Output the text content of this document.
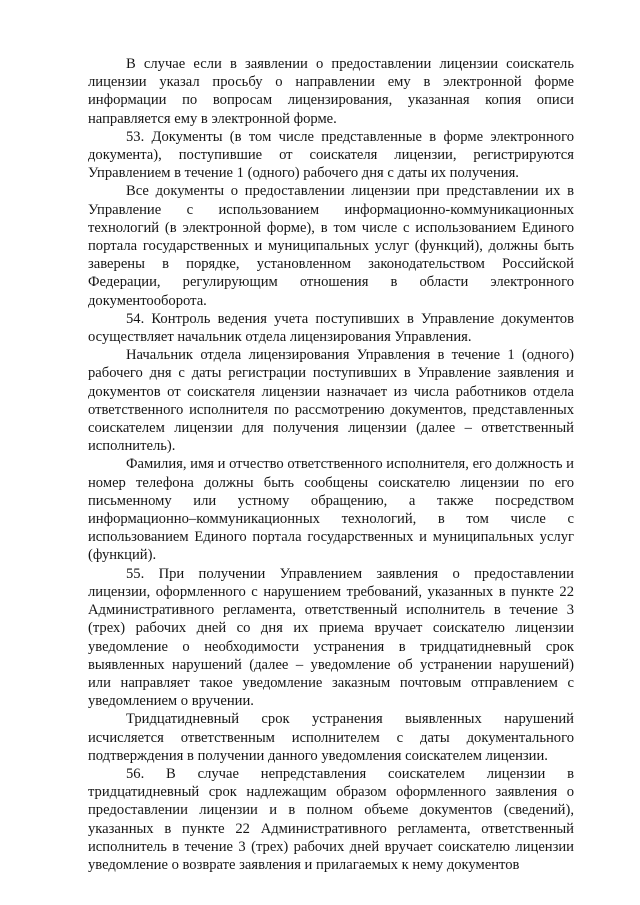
В случае если в заявлении о предоставлении лицензии соискатель лицензии указал просьбу о направлении ему в электронной форме информации по вопросам лицензирования, указанная копия описи направляется ему в электронной форме.

53. Документы (в том числе представленные в форме электронного документа), поступившие от соискателя лицензии, регистрируются Управлением в течение 1 (одного) рабочего дня с даты их получения.

Все документы о предоставлении лицензии при представлении их в Управление с использованием информационно-коммуникационных технологий (в электронной форме), в том числе с использованием Единого портала государственных и муниципальных услуг (функций), должны быть заверены в порядке, установленном законодательством Российской Федерации, регулирующим отношения в области электронного документооборота.

54. Контроль ведения учета поступивших в Управление документов осуществляет начальник отдела лицензирования Управления.

Начальник отдела лицензирования Управления в течение 1 (одного) рабочего дня с даты регистрации поступивших в Управление заявления и документов от соискателя лицензии назначает из числа работников отдела ответственного исполнителя по рассмотрению документов, представленных соискателем лицензии для получения лицензии (далее – ответственный исполнитель).

Фамилия, имя и отчество ответственного исполнителя, его должность и номер телефона должны быть сообщены соискателю лицензии по его письменному или устному обращению, а также посредством информационно–коммуникационных технологий, в том числе с использованием Единого портала государственных и муниципальных услуг (функций).

55. При получении Управлением заявления о предоставлении лицензии, оформленного с нарушением требований, указанных в пункте 22 Административного регламента, ответственный исполнитель в течение 3 (трех) рабочих дней со дня их приема вручает соискателю лицензии уведомление о необходимости устранения в тридцатидневный срок выявленных нарушений (далее – уведомление об устранении нарушений) или направляет такое уведомление заказным почтовым отправлением с уведомлением о вручении.

Тридцатидневный срок устранения выявленных нарушений исчисляется ответственным исполнителем с даты документального подтверждения в получении данного уведомления соискателем лицензии.

56. В случае непредставления соискателем лицензии в тридцатидневный срок надлежащим образом оформленного заявления о предоставлении лицензии и в полном объеме документов (сведений), указанных в пункте 22 Административного регламента, ответственный исполнитель в течение 3 (трех) рабочих дней вручает соискателю лицензии уведомление о возврате заявления и прилагаемых к нему документов
